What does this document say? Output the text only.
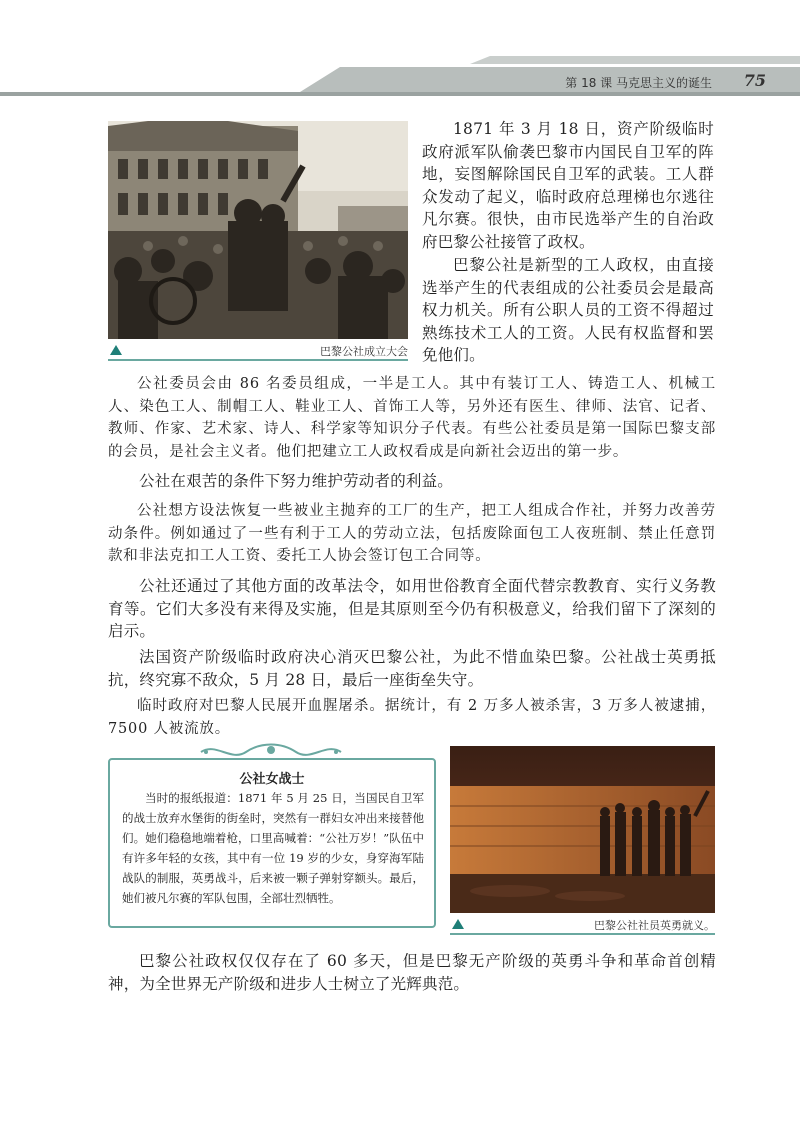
第 18 课 马克思主义的诞生 75
巴黎公社成立大会

1871 年 3 月 18 日，资产阶级临时政府派军队偷袭巴黎市内国民自卫军的阵地，妄图解除国民自卫军的武装。工人群众发动了起义，临时政府总理梯也尔逃往凡尔赛。很快，由市民选举产生的自治政府巴黎公社接管了政权。

巴黎公社是新型的工人政权，由直接选举产生的代表组成的公社委员会是最高权力机关。所有公职人员的工资不得超过熟练技术工人的工资。人民有权监督和罢免他们。

公社委员会由 86 名委员组成，一半是工人。其中有装订工人、铸造工人、机械工人、染色工人、制帽工人、鞋业工人、首饰工人等，另外还有医生、律师、法官、记者、教师、作家、艺术家、诗人、科学家等知识分子代表。有些公社委员是第一国际巴黎支部的会员，是社会主义者。他们把建立工人政权看成是向新社会迈出的第一步。

公社在艰苦的条件下努力维护劳动者的利益。

公社想方设法恢复一些被业主抛弃的工厂的生产，把工人组成合作社，并努力改善劳动条件。例如通过了一些有利于工人的劳动立法，包括废除面包工人夜班制、禁止任意罚款和非法克扣工人工资、委托工人协会签订包工合同等。

公社还通过了其他方面的改革法令，如用世俗教育全面代替宗教教育、实行义务教育等。它们大多没有来得及实施，但是其原则至今仍有积极意义，给我们留下了深刻的启示。

法国资产阶级临时政府决心消灭巴黎公社，为此不惜血染巴黎。公社战士英勇抵抗，终究寡不敌众，5 月 28 日，最后一座街垒失守。

临时政府对巴黎人民展开血腥屠杀。据统计，有 2 万多人被杀害，3 万多人被逮捕，7500 人被流放。

公社女战士

当时的报纸报道：1871 年 5 月 25 日，当国民自卫军的战士放弃水堡街的街垒时，突然有一群妇女冲出来接替他们。她们稳稳地端着枪，口里高喊着：“公社万岁！”队伍中有许多年轻的女孩，其中有一位 19 岁的少女，身穿海军陆战队的制服，英勇战斗，后来被一颗子弹射穿额头。最后，她们被凡尔赛的军队包围，全部壮烈牺牲。

巴黎公社社员英勇就义。

巴黎公社政权仅仅存在了 60 多天，但是巴黎无产阶级的英勇斗争和革命首创精神，为全世界无产阶级和进步人士树立了光辉典范。
